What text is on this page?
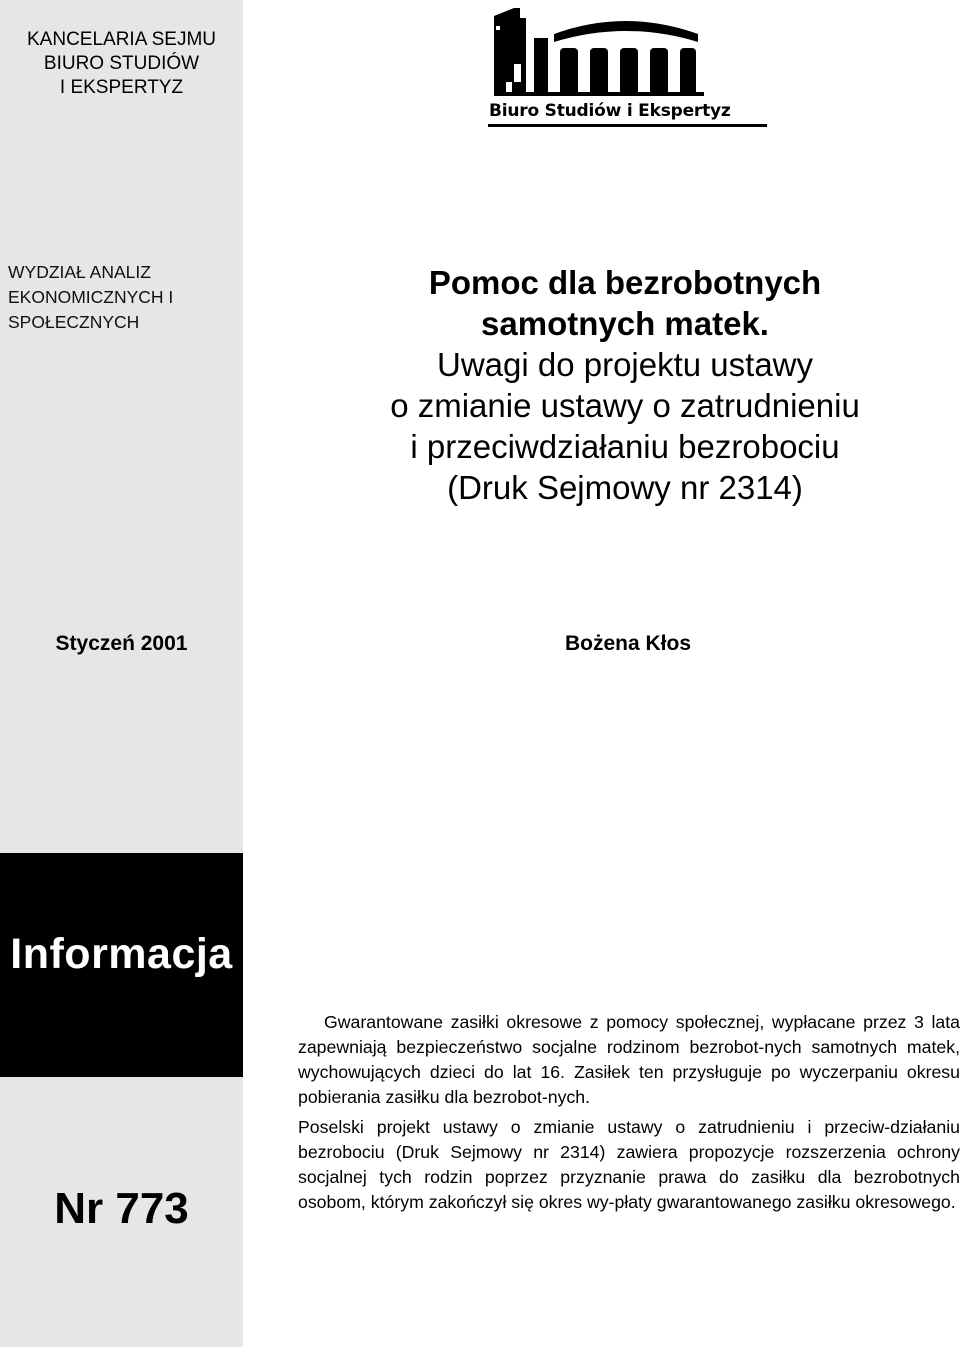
KANCELARIA SEJMU
BIURO STUDIÓW
I EKSPERTYZ
WYDZIAŁ ANALIZ
EKONOMICZNYCH I
SPOŁECZNYCH
Styczeń 2001
Informacja
Nr 773
Biuro Studiów i Ekspertyz
Pomoc dla bezrobotnych
samotnych matek.
Uwagi do projektu ustawy
o zmianie ustawy o zatrudnieniu
i przeciwdziałaniu bezrobociu
(Druk Sejmowy nr 2314)
Bożena Kłos

Gwarantowane zasiłki okresowe z pomocy społecznej, wypłacane przez 3 lata zapewniają bezpieczeństwo socjalne rodzinom bezrobot-nych samotnych matek, wychowujących dzieci do lat 16. Zasiłek ten przysługuje po wyczerpaniu okresu pobierania zasiłku dla bezrobot-nych.

Poselski projekt ustawy o zmianie ustawy o zatrudnieniu i przeciw-działaniu bezrobociu (Druk Sejmowy nr 2314) zawiera propozycje rozszerzenia ochrony socjalnej tych rodzin poprzez przyznanie prawa do zasiłku dla bezrobotnych osobom, którym zakończył się okres wy-płaty gwarantowanego zasiłku okresowego.
